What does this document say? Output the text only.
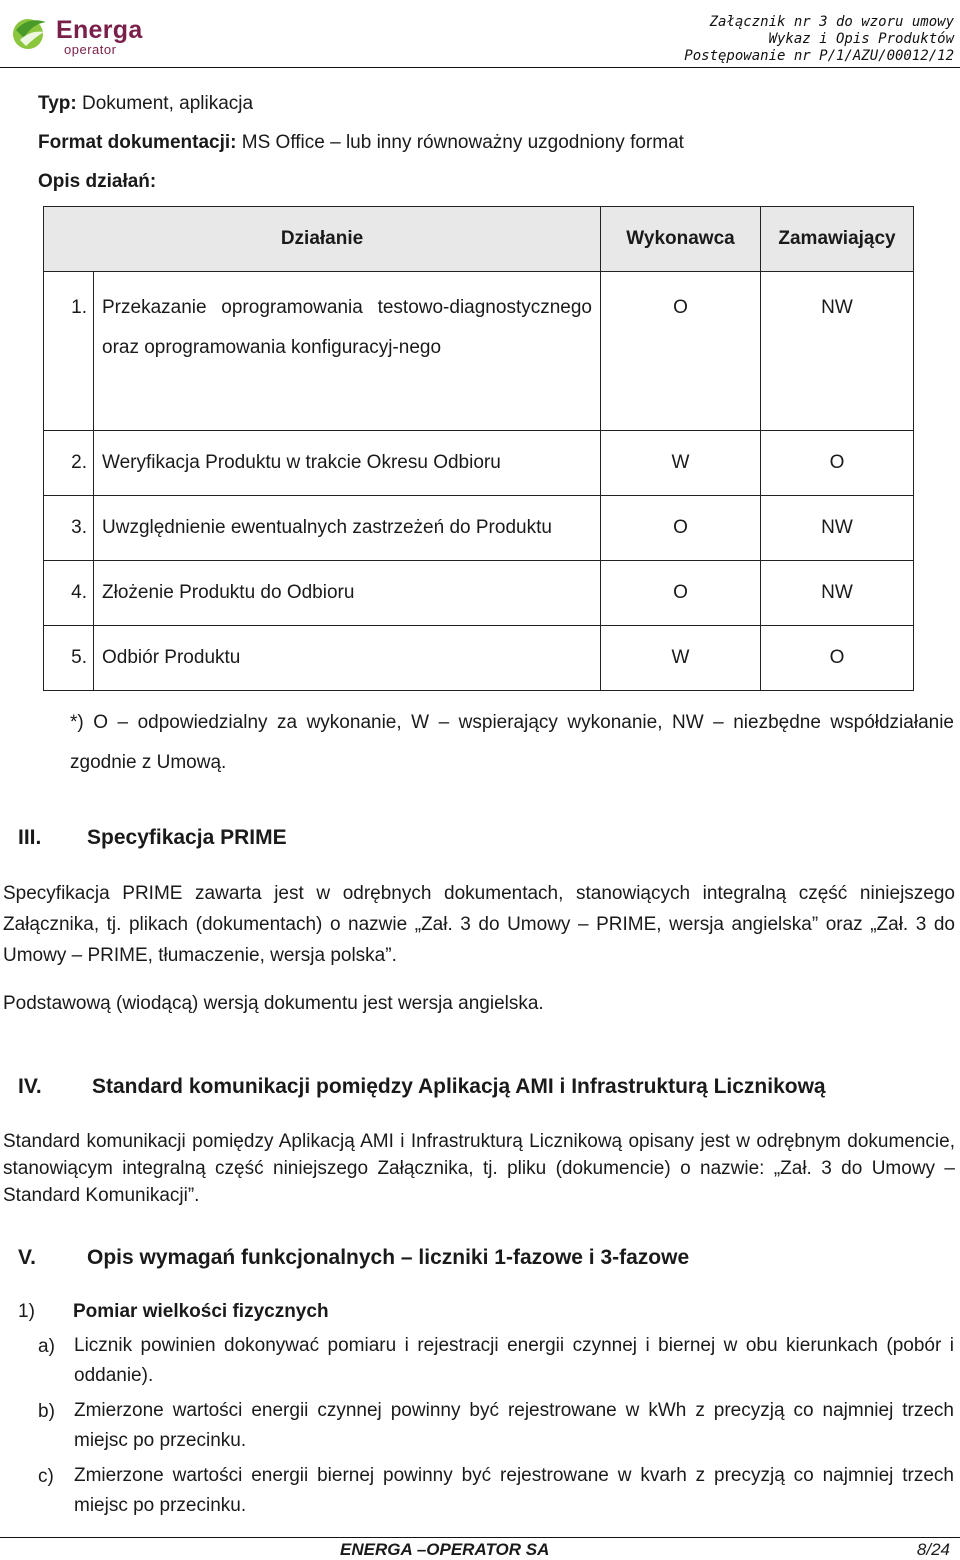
Energa
operator
Załącznik nr 3 do wzoru umowy
Wykaz i Opis Produktów
Postępowanie nr P/1/AZU/00012/12
Typ: Dokument, aplikacja
Format dokumentacji: MS Office – lub inny równoważny uzgodniony format
Opis działań:
Działanie		Wykonawca	Zamawiający
1.	Przekazanie oprogramowania testowo-diagnostycznego oraz oprogramowania konfiguracyj-nego	O	NW
2.	Weryfikacja Produktu w trakcie Okresu Odbioru	W	O
3.	Uwzględnienie ewentualnych zastrzeżeń do Produktu	O	NW
4.	Złożenie Produktu do Odbioru	O	NW
5.	Odbiór Produktu	W	O
*) O – odpowiedzialny za wykonanie, W – wspierający wykonanie, NW – niezbędne współdziałanie zgodnie z Umową.
III. Specyfikacja PRIME
Specyfikacja PRIME zawarta jest w odrębnych dokumentach, stanowiących integralną część niniejszego Załącznika, tj. plikach (dokumentach) o nazwie „Zał. 3 do Umowy – PRIME, wersja angielska” oraz „Zał. 3 do Umowy – PRIME, tłumaczenie, wersja polska”.
Podstawową (wiodącą) wersją dokumentu jest wersja angielska.
IV. Standard komunikacji pomiędzy Aplikacją AMI i Infrastrukturą Licznikową
Standard komunikacji pomiędzy Aplikacją AMI i Infrastrukturą Licznikową opisany jest w odrębnym dokumencie, stanowiącym integralną część niniejszego Załącznika, tj. pliku (dokumencie) o nazwie: „Zał. 3 do Umowy – Standard Komunikacji”.
V. Opis wymagań funkcjonalnych – liczniki 1-fazowe i 3-fazowe
1) Pomiar wielkości fizycznych
a) Licznik powinien dokonywać pomiaru i rejestracji energii czynnej i biernej w obu kierunkach (pobór i oddanie).
b) Zmierzone wartości energii czynnej powinny być rejestrowane w kWh z precyzją co najmniej trzech miejsc po przecinku.
c) Zmierzone wartości energii biernej powinny być rejestrowane w kvarh z precyzją co najmniej trzech miejsc po przecinku.
ENERGA –OPERATOR SA	8/24
